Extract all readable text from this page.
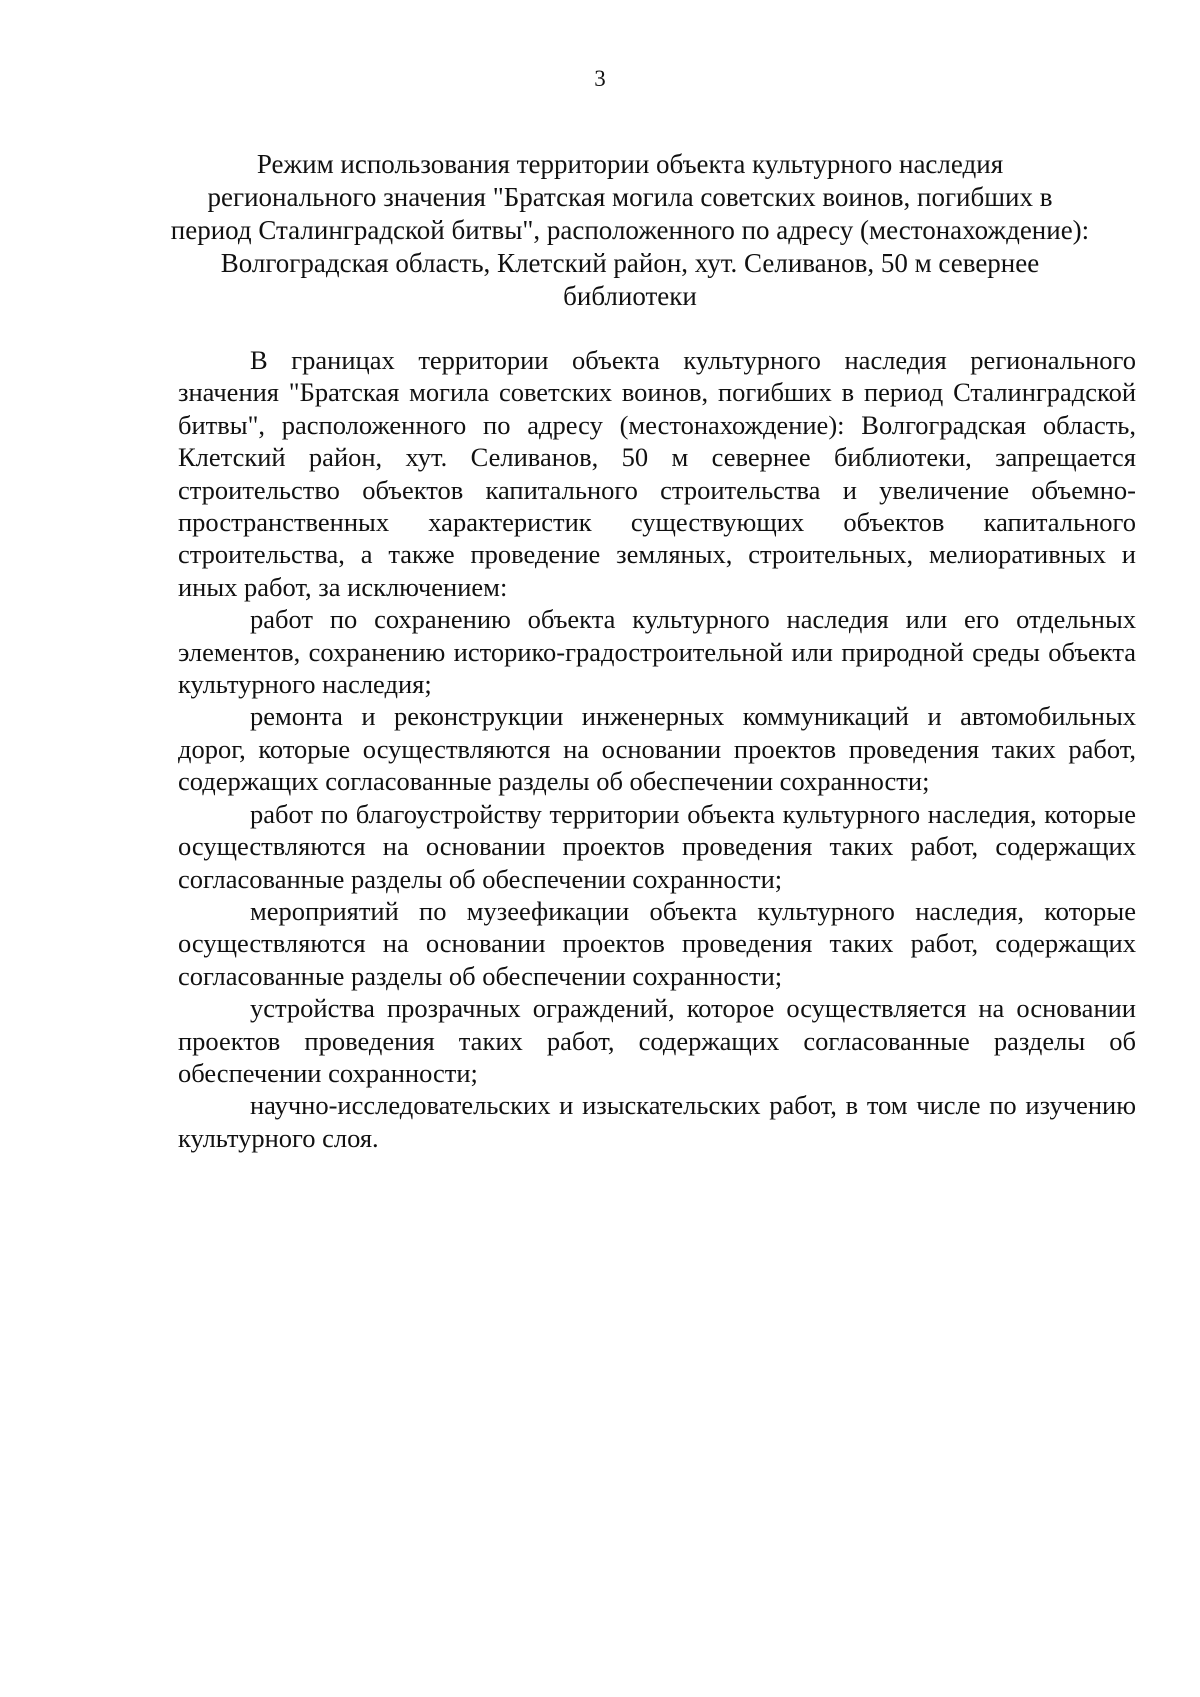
3
Режим использования территории объекта культурного наследия
регионального значения "Братская могила советских воинов, погибших в
период Сталинградской битвы", расположенного по адресу (местонахождение):
Волгоградская область, Клетский район, хут. Селиванов, 50 м севернее
библиотеки

В границах территории объекта культурного наследия регионального значения "Братская могила советских воинов, погибших в период Сталинградской битвы", расположенного по адресу (местонахождение): Волгоградская область, Клетский район, хут. Селиванов, 50 м севернее библиотеки, запрещается строительство объектов капитального строительства и увеличение объемно-пространственных характеристик существующих объектов капитального строительства, а также проведение земляных, строительных, мелиоративных и иных работ, за исключением:

работ по сохранению объекта культурного наследия или его отдельных элементов, сохранению историко-градостроительной или природной среды объекта культурного наследия;

ремонта и реконструкции инженерных коммуникаций и автомобильных дорог, которые осуществляются на основании проектов проведения таких работ, содержащих согласованные разделы об обеспечении сохранности;

работ по благоустройству территории объекта культурного наследия, которые осуществляются на основании проектов проведения таких работ, содержащих согласованные разделы об обеспечении сохранности;

мероприятий по музеефикации объекта культурного наследия, которые осуществляются на основании проектов проведения таких работ, содержащих согласованные разделы об обеспечении сохранности;

устройства прозрачных ограждений, которое осуществляется на основании проектов проведения таких работ, содержащих согласованные разделы об обеспечении сохранности;

научно-исследовательских и изыскательских работ, в том числе по изучению культурного слоя.
